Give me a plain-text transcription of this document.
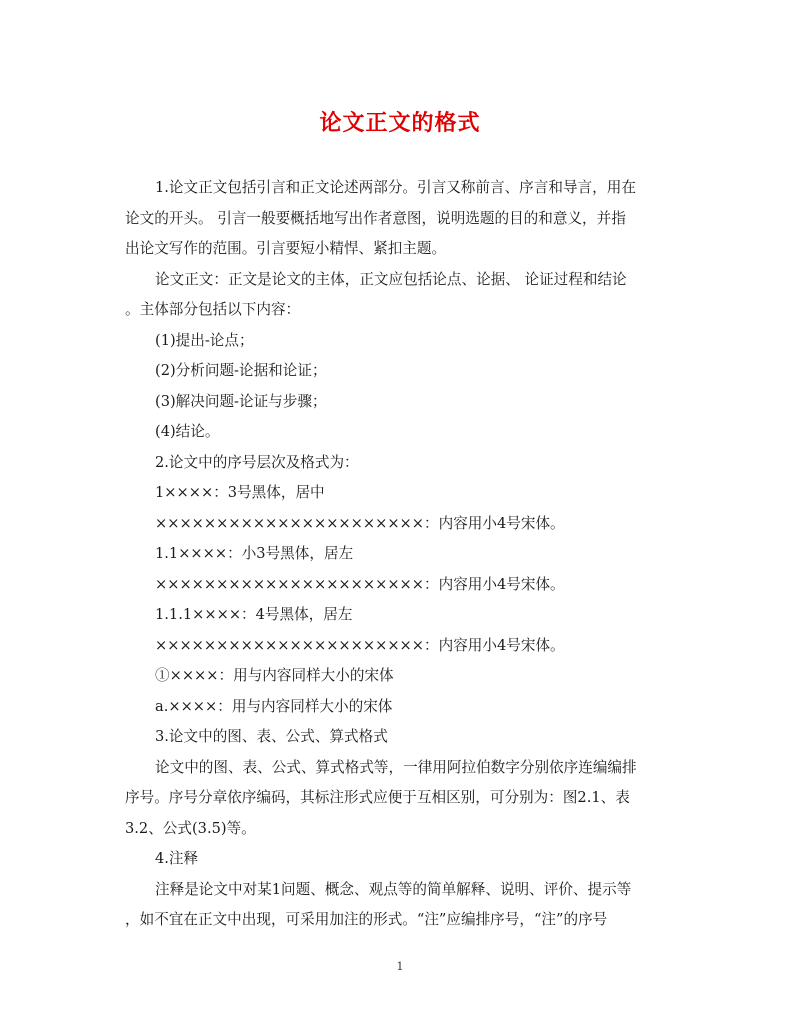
论文正文的格式
1.论文正文包括引言和正文论述两部分。引言又称前言、序言和导言，用在
论文的开头。 引言一般要概括地写出作者意图，说明选题的目的和意义，并指
出论文写作的范围。引言要短小精悍、紧扣主题。
论文正文：正文是论文的主体，正文应包括论点、论据、 论证过程和结论
。主体部分包括以下内容：
(1)提出-论点；
(2)分析问题-论据和论证；
(3)解决问题-论证与步骤；
(4)结论。
2.论文中的序号层次及格式为：
1××××：3号黑体，居中
××××××××××××××××××××××：内容用小4号宋体。
1.1××××：小3号黑体，居左
××××××××××××××××××××××：内容用小4号宋体。
1.1.1××××：4号黑体，居左
××××××××××××××××××××××：内容用小4号宋体。
①××××：用与内容同样大小的宋体
a.××××：用与内容同样大小的宋体
3.论文中的图、表、公式、算式格式
论文中的图、表、公式、算式格式等，一律用阿拉伯数字分别依序连编编排
序号。序号分章依序编码，其标注形式应便于互相区别，可分别为：图2.1、表
3.2、公式(3.5)等。
4.注释
注释是论文中对某1问题、概念、观点等的简单解释、说明、评价、提示等
，如不宜在正文中出现，可采用加注的形式。“注”应编排序号，“注”的序号
1
